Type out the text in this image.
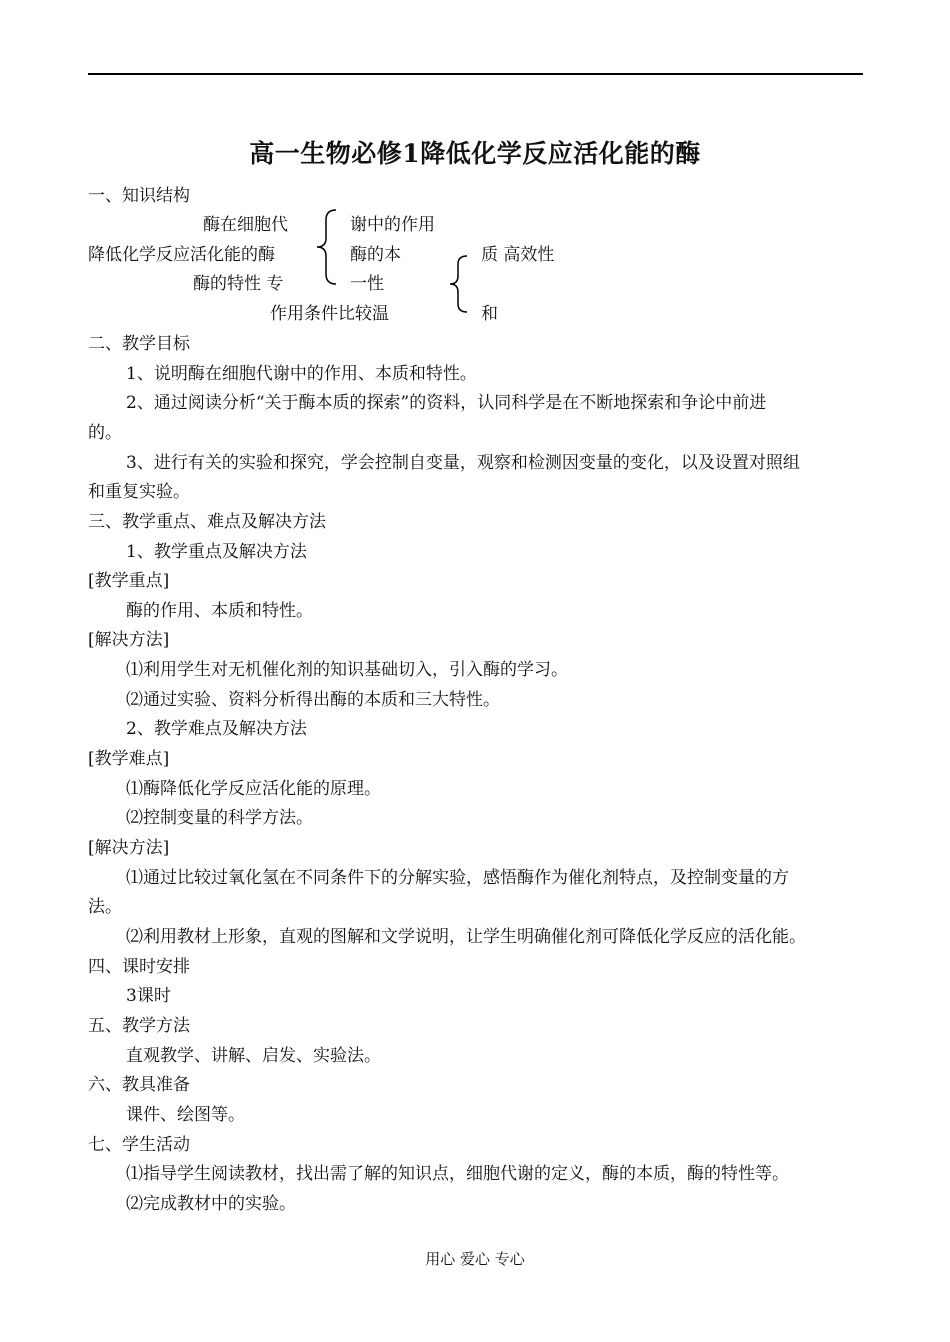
高一生物必修1降低化学反应活化能的酶
一、知识结构
酶在细胞代	谢中的作用
降低化学反应活化能的酶	酶的本	质 高效性
酶的特性 专	一性
作用条件比较温	和
二、教学目标
1、说明酶在细胞代谢中的作用、本质和特性。
2、通过阅读分析“关于酶本质的探索”的资料，认同科学是在不断地探索和争论中前进
的。
3、进行有关的实验和探究，学会控制自变量，观察和检测因变量的变化，以及设置对照组
和重复实验。
三、教学重点、难点及解决方法
1、教学重点及解决方法
[教学重点]
酶的作用、本质和特性。
[解决方法]
⑴利用学生对无机催化剂的知识基础切入，引入酶的学习。
⑵通过实验、资料分析得出酶的本质和三大特性。
2、教学难点及解决方法
[教学难点]
⑴酶降低化学反应活化能的原理。
⑵控制变量的科学方法。
[解决方法]
⑴通过比较过氧化氢在不同条件下的分解实验，感悟酶作为催化剂特点，及控制变量的方
法。
⑵利用教材上形象，直观的图解和文学说明，让学生明确催化剂可降低化学反应的活化能。
四、课时安排
3课时
五、教学方法
直观教学、讲解、启发、实验法。
六、教具准备
课件、绘图等。
七、学生活动
⑴指导学生阅读教材，找出需了解的知识点，细胞代谢的定义，酶的本质，酶的特性等。
⑵完成教材中的实验。
用心 爱心 专心
